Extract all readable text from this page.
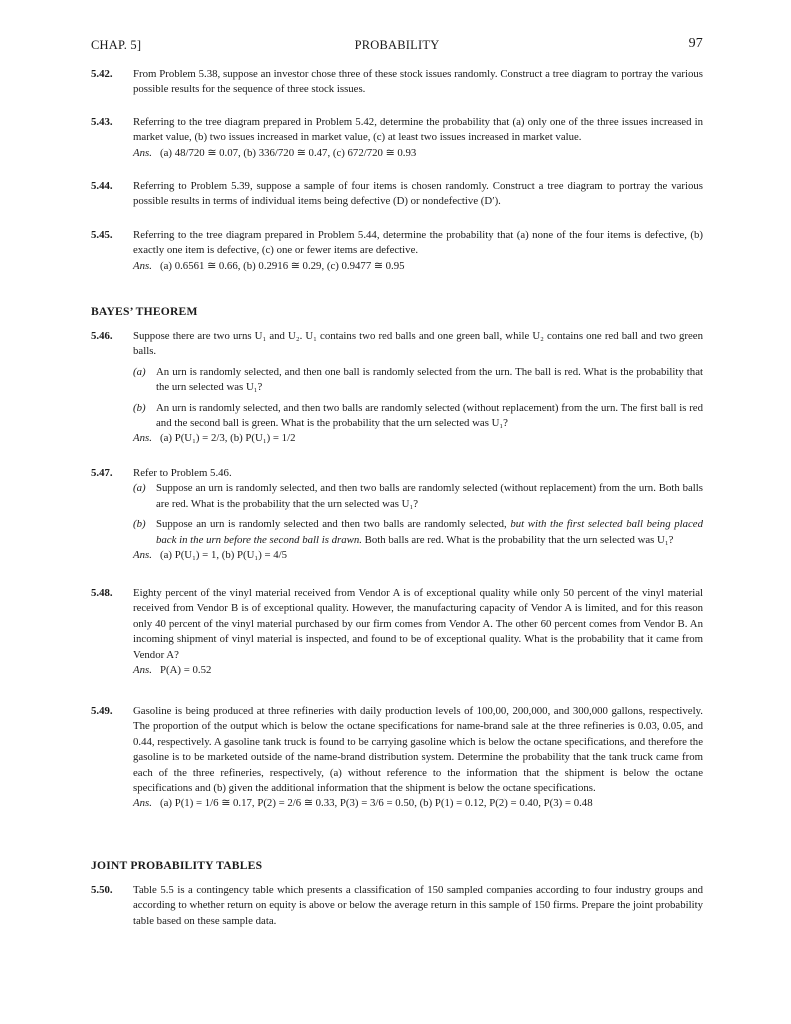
CHAP. 5]	PROBABILITY	97
5.42. From Problem 5.38, suppose an investor chose three of these stock issues randomly. Construct a tree diagram to portray the various possible results for the sequence of three stock issues.
5.43. Referring to the tree diagram prepared in Problem 5.42, determine the probability that (a) only one of the three issues increased in market value, (b) two issues increased in market value, (c) at least two issues increased in market value.
Ans. (a) 48/720 ≅ 0.07, (b) 336/720 ≅ 0.47, (c) 672/720 ≅ 0.93
5.44. Referring to Problem 5.39, suppose a sample of four items is chosen randomly. Construct a tree diagram to portray the various possible results in terms of individual items being defective (D) or nondefective (D′).
5.45. Referring to the tree diagram prepared in Problem 5.44, determine the probability that (a) none of the four items is defective, (b) exactly one item is defective, (c) one or fewer items are defective.
Ans. (a) 0.6561 ≅ 0.66, (b) 0.2916 ≅ 0.29, (c) 0.9477 ≅ 0.95
BAYES’ THEOREM
5.46. Suppose there are two urns U₁ and U₂. U₁ contains two red balls and one green ball, while U₂ contains one red ball and two green balls.
(a) An urn is randomly selected, and then one ball is randomly selected from the urn. The ball is red. What is the probability that the urn selected was U₁?
(b) An urn is randomly selected, and then two balls are randomly selected (without replacement) from the urn. The first ball is red and the second ball is green. What is the probability that the urn selected was U₁?
Ans. (a) P(U₁) = 2/3, (b) P(U₁) = 1/2
5.47. Refer to Problem 5.46.
(a) Suppose an urn is randomly selected, and then two balls are randomly selected (without replacement) from the urn. Both balls are red. What is the probability that the urn selected was U₁?
(b) Suppose an urn is randomly selected and then two balls are randomly selected, but with the first selected ball being placed back in the urn before the second ball is drawn. Both balls are red. What is the probability that the urn selected was U₁?
Ans. (a) P(U₁) = 1, (b) P(U₁) = 4/5
5.48. Eighty percent of the vinyl material received from Vendor A is of exceptional quality while only 50 percent of the vinyl material received from Vendor B is of exceptional quality. However, the manufacturing capacity of Vendor A is limited, and for this reason only 40 percent of the vinyl material purchased by our firm comes from Vendor A. The other 60 percent comes from Vendor B. An incoming shipment of vinyl material is inspected, and found to be of exceptional quality. What is the probability that it came from Vendor A?
Ans. P(A) = 0.52
5.49. Gasoline is being produced at three refineries with daily production levels of 100,00, 200,000, and 300,000 gallons, respectively. The proportion of the output which is below the octane specifications for name-brand sale at the three refineries is 0.03, 0.05, and 0.44, respectively. A gasoline tank truck is found to be carrying gasoline which is below the octane specifications, and therefore the gasoline is to be marketed outside of the name-brand distribution system. Determine the probability that the tank truck came from each of the three refineries, respectively, (a) without reference to the information that the shipment is below the octane specifications and (b) given the additional information that the shipment is below the octane specifications.
Ans. (a) P(1) = 1/6 ≅ 0.17, P(2) = 2/6 ≅ 0.33, P(3) = 3/6 = 0.50, (b) P(1) = 0.12, P(2) = 0.40, P(3) = 0.48
JOINT PROBABILITY TABLES
5.50. Table 5.5 is a contingency table which presents a classification of 150 sampled companies according to four industry groups and according to whether return on equity is above or below the average return in this sample of 150 firms. Prepare the joint probability table based on these sample data.
